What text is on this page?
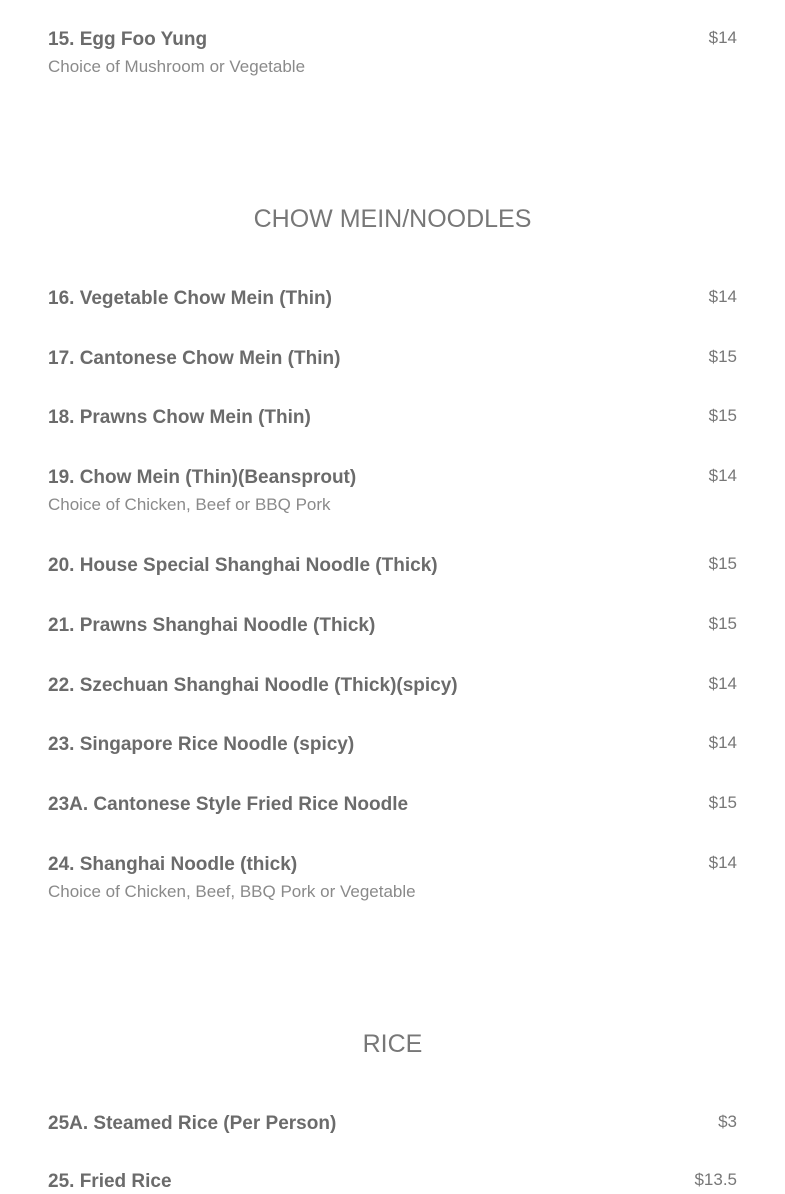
15. Egg Foo Yung
Choice of Mushroom or Vegetable
$14
CHOW MEIN/NOODLES
16. Vegetable Chow Mein (Thin)	$14
17. Cantonese Chow Mein (Thin)	$15
18. Prawns Chow Mein (Thin)	$15
19. Chow Mein (Thin)(Beansprout)
Choice of Chicken, Beef or BBQ Pork
$14
20. House Special Shanghai Noodle (Thick)	$15
21. Prawns Shanghai Noodle (Thick)	$15
22. Szechuan Shanghai Noodle (Thick)(spicy)	$14
23. Singapore Rice Noodle (spicy)	$14
23A. Cantonese Style Fried Rice Noodle	$15
24. Shanghai Noodle (thick)
Choice of Chicken, Beef, BBQ Pork or Vegetable
$14
RICE
25A. Steamed Rice (Per Person)	$3
25. Fried Rice	$13.5
